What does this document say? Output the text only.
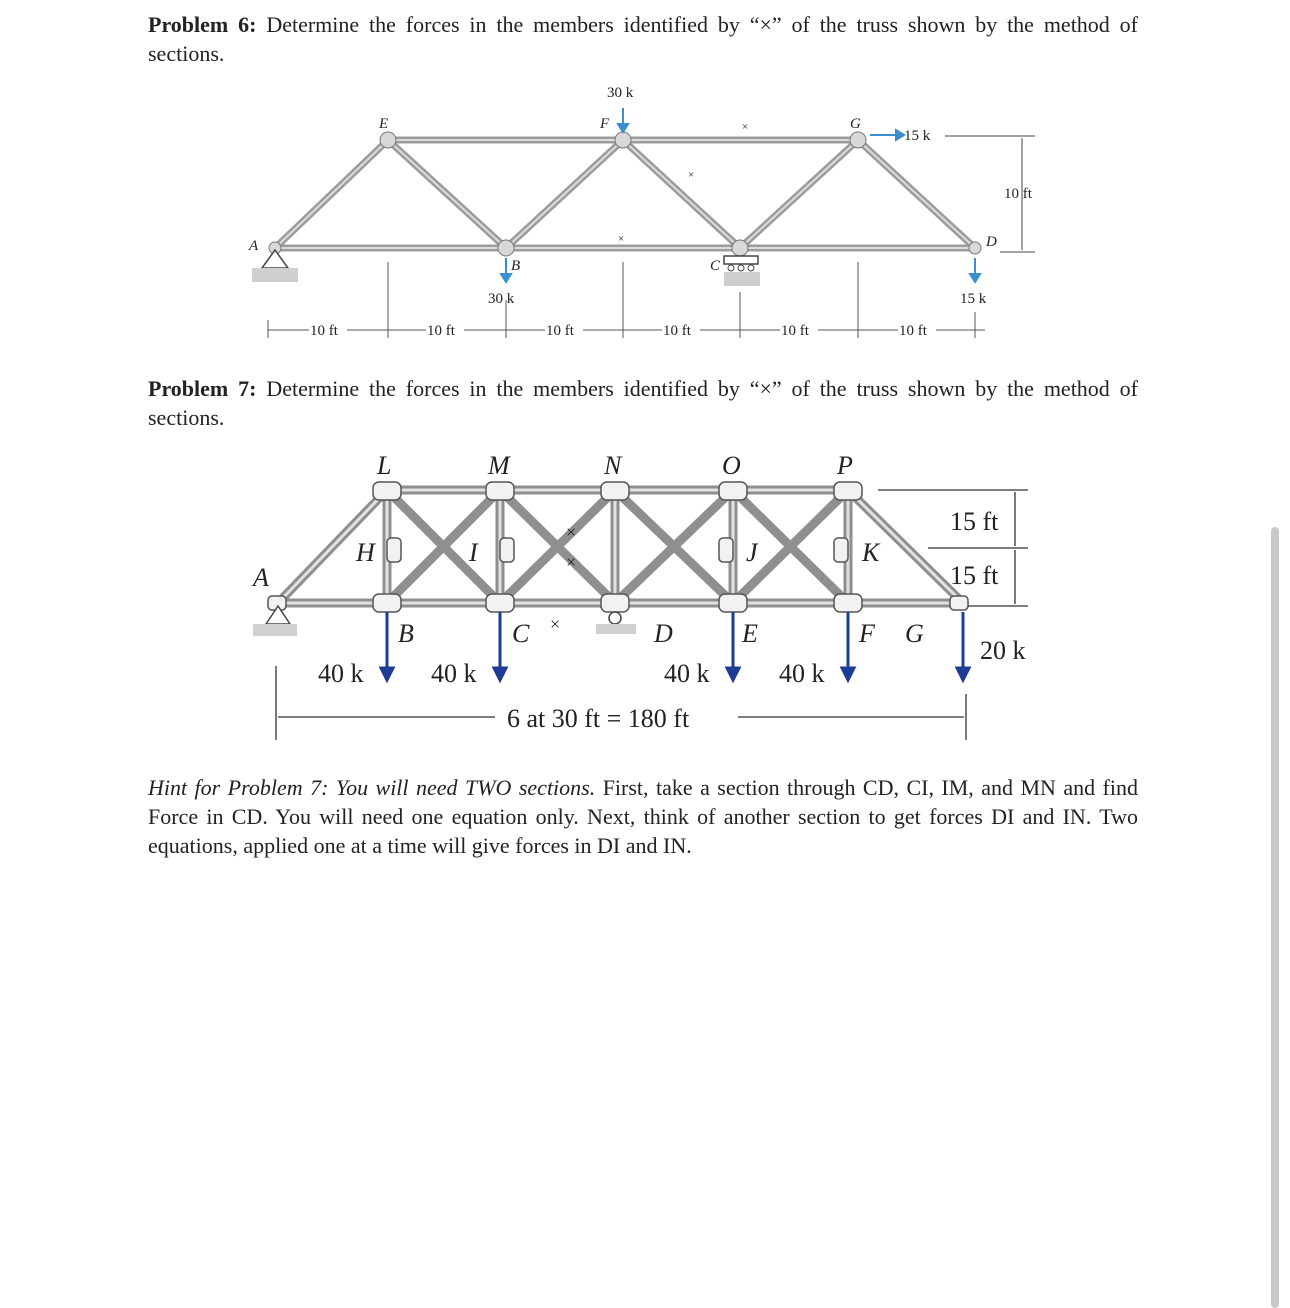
Problem 6: Determine the forces in the members identified by “×” of the truss shown by the method of sections.
A
E	F	G
B	C
D
30 k
30 k
15 k
15 k
×
×
×
10 ft
10 ft	10 ft	10 ft	10 ft	10 ft	10 ft
Problem 7: Determine the forces in the members identified by “×” of the truss shown by the method of sections.
L	M	N	O	P
H	I	J	K
A
B	C	D	E	F G
×
×
×
40 k	40 k	40 k	40 k
20 k
15 ft
15 ft
6 at 30 ft = 180 ft
Hint for Problem 7: You will need TWO sections. First, take a section through CD, CI, IM, and MN and find Force in CD. You will need one equation only. Next, think of another section to get forces DI and IN. Two equations, applied one at a time will give forces in DI and IN.
